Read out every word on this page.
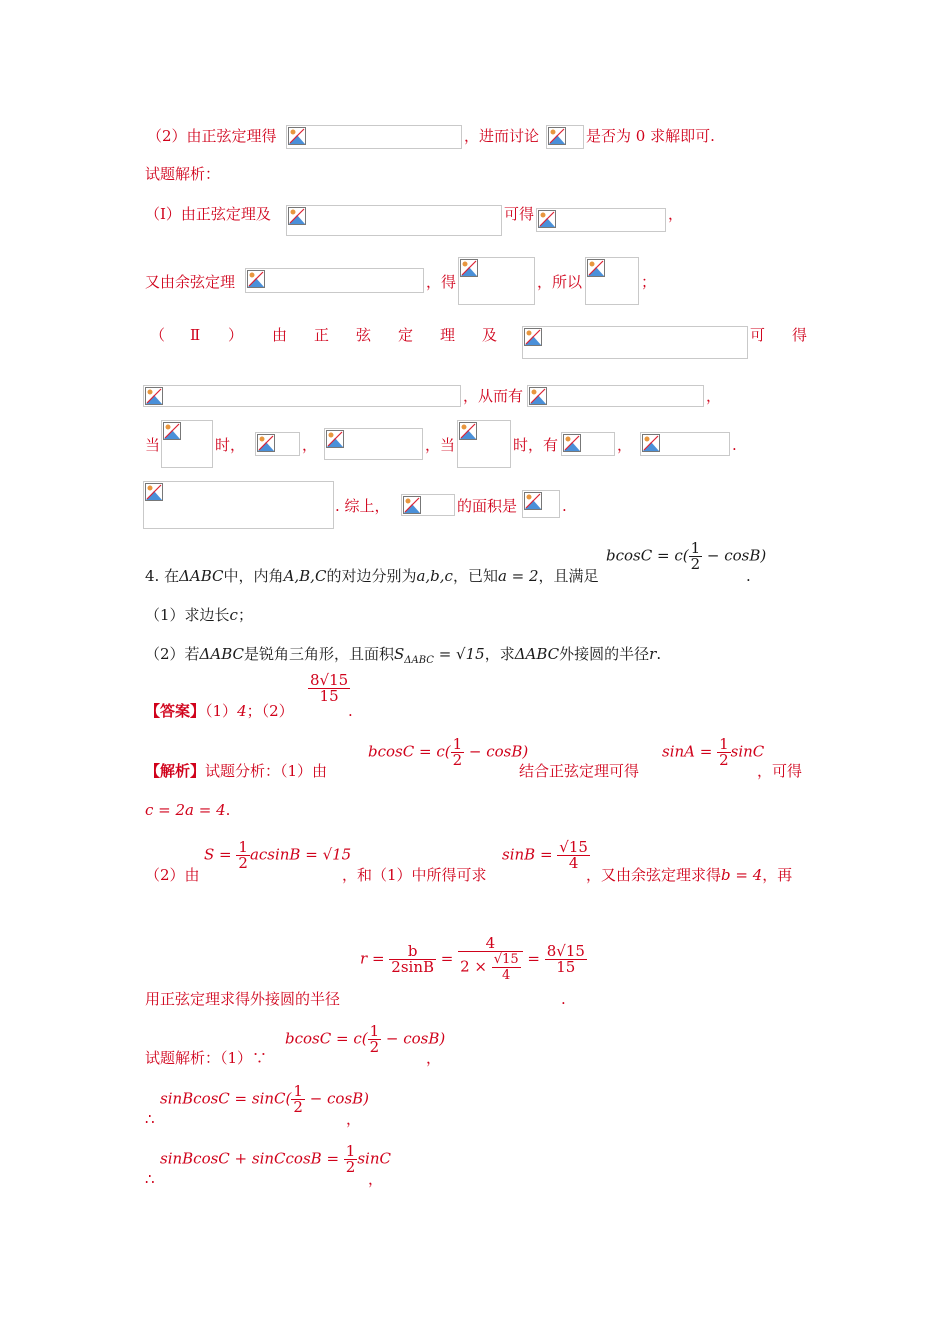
（2）由正弦定理得	，进而讨论	是否为 0 求解即可.
试题解析：
（Ⅰ）由正弦定理及	可得	，
又由余弦定理	，得	，所以	；
（ Ⅱ ） 由 正 弦 定 理 及	可 得
，从而有	，
当	时，	，	，当	时，有	，	.
. 综上，	的面积是	.
4. 在ΔABC中，内角A,B,C的对边分别为a,b,c，已知a = 2，且满足
$bcosC = c( \frac{1}{2} - \cos B)$
.
（1）求边长c；
（2）若ΔABC是锐角三角形，且面积$S_{\Delta ABC} = √15$，求ΔABC外接圆的半径r.
【答案】（1）4；（2）
$\frac{8√15}{15}$
.
【解析】试题分析：（1）由
$bcosC = c( \frac{1}{2} - \cos B)$
结合正弦定理可得
$\sin A = \frac{1}{2}$ sinC
，可得
c = 2a = 4.
（2）由
$S = \frac{1}{2}$ acsinB = √15
，和（1）中所得可求
$\sin B = \frac{√15}{4}$
，又由余弦定理求得b = 4，再
用正弦定理求得外接圆的半径
$r = \frac{b}{2\sin B} = \frac{4}{2 \times \frac{√15}{4}} = \frac{8√15}{15}$
.
试题解析：（1）∵
$bcosC = c( \frac{1}{2} - \cos B)$
，
∴
sinBcosC = $\sin C( \frac{1}{2} - \cos B)$
，
∴
sinBcosC + sinCcosB = $\frac{1}{2}$ sinC
，
